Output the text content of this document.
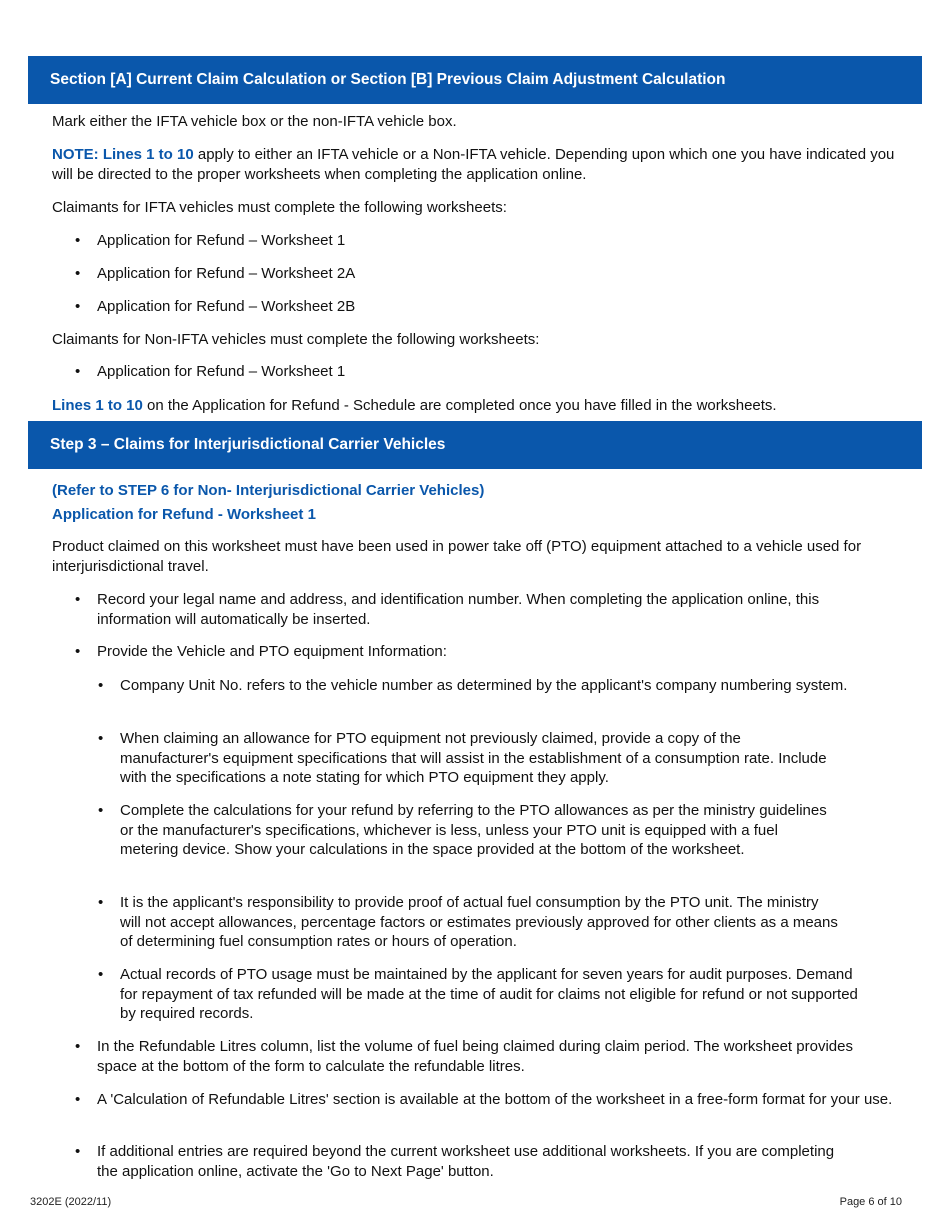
Section [A] Current Claim Calculation or Section [B] Previous Claim Adjustment Calculation

Mark either the IFTA vehicle box or the non-IFTA vehicle box.

NOTE: Lines 1 to 10 apply to either an IFTA vehicle or a Non-IFTA vehicle. Depending upon which one you have indicated you will be directed to the proper worksheets when completing the application online.

Claimants for IFTA vehicles must complete the following worksheets:

• Application for Refund – Worksheet 1
• Application for Refund – Worksheet 2A
• Application for Refund – Worksheet 2B

Claimants for Non-IFTA vehicles must complete the following worksheets:

• Application for Refund – Worksheet 1

Lines 1 to 10 on the Application for Refund - Schedule are completed once you have filled in the worksheets.

Step 3 – Claims for Interjurisdictional Carrier Vehicles

(Refer to STEP 6 for Non- Interjurisdictional Carrier Vehicles)

Application for Refund - Worksheet 1

Product claimed on this worksheet must have been used in power take off (PTO) equipment attached to a vehicle used for interjurisdictional travel.

• Record your legal name and address, and identification number. When completing the application online, this information will automatically be inserted.
• Provide the Vehicle and PTO equipment Information:
• Company Unit No. refers to the vehicle number as determined by the applicant's company numbering system.
• When claiming an allowance for PTO equipment not previously claimed, provide a copy of the manufacturer's equipment specifications that will assist in the establishment of a consumption rate. Include with the specifications a note stating for which PTO equipment they apply.
• Complete the calculations for your refund by referring to the PTO allowances as per the ministry guidelines or the manufacturer's specifications, whichever is less, unless your PTO unit is equipped with a fuel metering device. Show your calculations in the space provided at the bottom of the worksheet.
• It is the applicant's responsibility to provide proof of actual fuel consumption by the PTO unit. The ministry will not accept allowances, percentage factors or estimates previously approved for other clients as a means of determining fuel consumption rates or hours of operation.
• Actual records of PTO usage must be maintained by the applicant for seven years for audit purposes. Demand for repayment of tax refunded will be made at the time of audit for claims not eligible for refund or not supported by required records.
• In the Refundable Litres column, list the volume of fuel being claimed during claim period. The worksheet provides space at the bottom of the form to calculate the refundable litres.
• A 'Calculation of Refundable Litres' section is available at the bottom of the worksheet in a free-form format for your use.
• If additional entries are required beyond the current worksheet use additional worksheets. If you are completing the application online, activate the 'Go to Next Page' button.
3202E (2022/11)	Page 6 of 10
